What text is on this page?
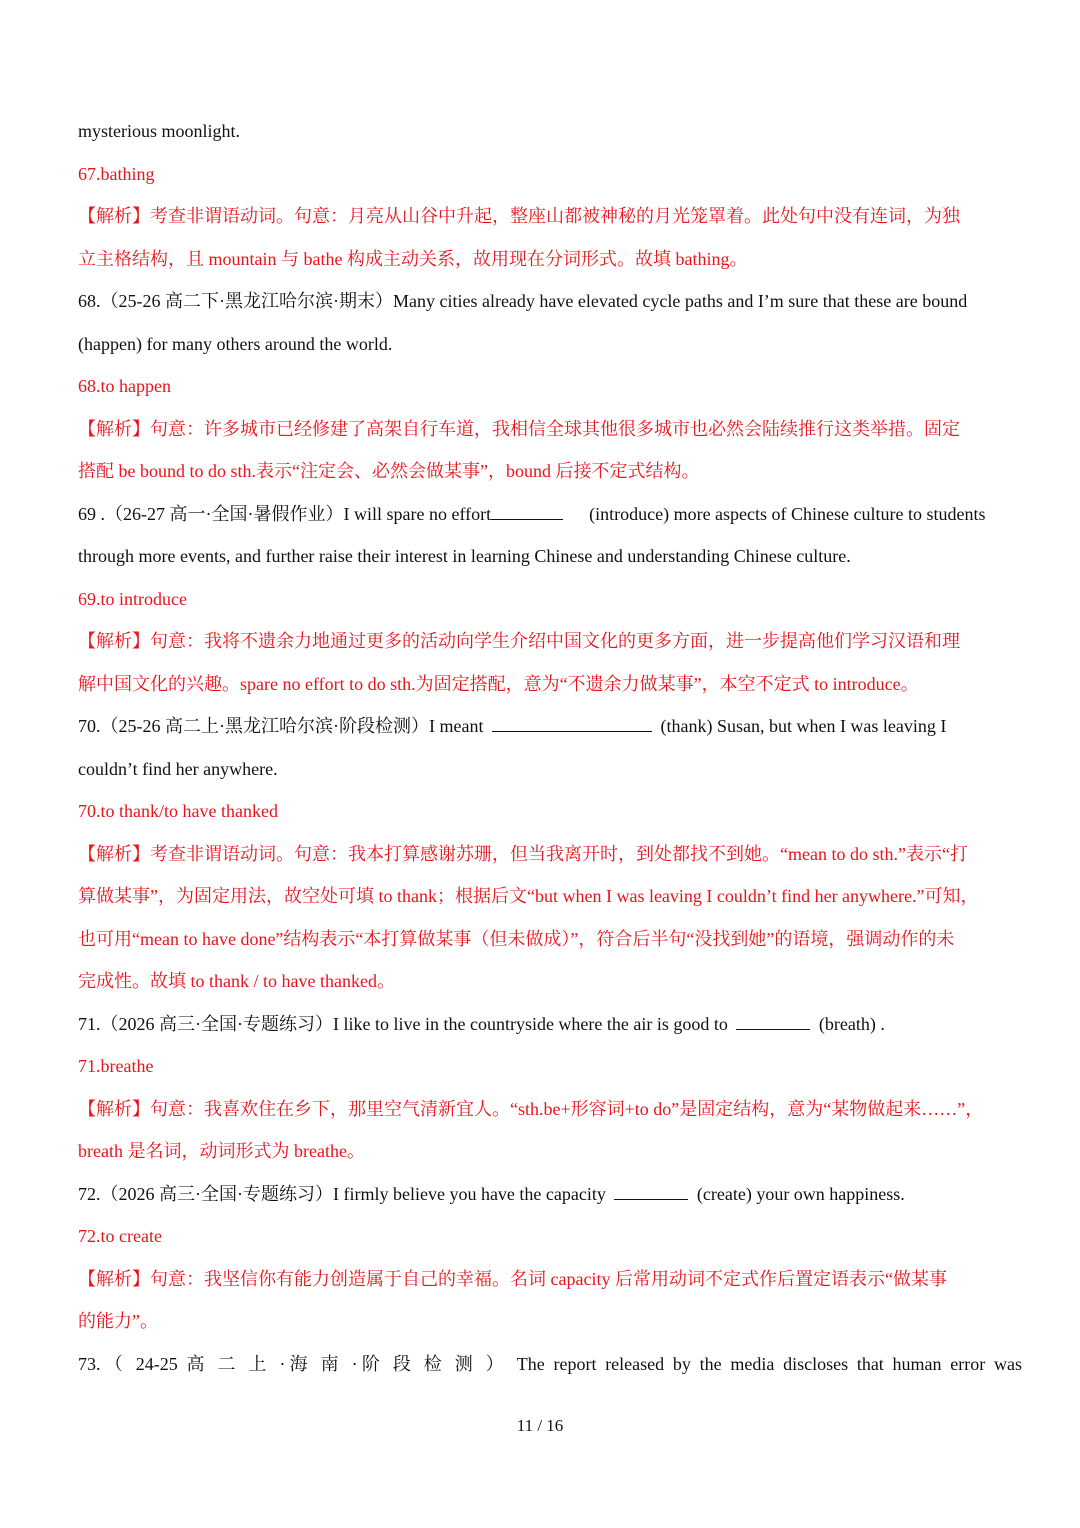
mysterious moonlight.
67.bathing
【解析】考查非谓语动词。句意：月亮从山谷中升起，整座山都被神秘的月光笼罩着。此处句中没有连词，为独
立主格结构，且 mountain 与 bathe 构成主动关系，故用现在分词形式。故填 bathing。
68.（25-26 高二下·黑龙江哈尔滨·期末）Many cities already have elevated cycle paths and I’m sure that these are bound
(happen) for many others around the world.
68.to happen
【解析】句意：许多城市已经修建了高架自行车道，我相信全球其他很多城市也必然会陆续推行这类举措。固定
搭配 be bound to do sth.表示“注定会、必然会做某事”，bound 后接不定式结构。
69 .（26-27 高一·全国·暑假作业）I will spare no effort	(introduce) more aspects of Chinese culture to students
through more events, and further raise their interest in learning Chinese and understanding Chinese culture.
69.to introduce
【解析】句意：我将不遗余力地通过更多的活动向学生介绍中国文化的更多方面，进一步提高他们学习汉语和理
解中国文化的兴趣。spare no effort to do sth.为固定搭配，意为“不遗余力做某事”，本空不定式 to introduce。
70.（25-26 高二上·黑龙江哈尔滨·阶段检测）I meant	(thank) Susan, but when I was leaving I
couldn’t find her anywhere.
70.to thank/to have thanked
【解析】考查非谓语动词。句意：我本打算感谢苏珊，但当我离开时，到处都找不到她。“mean to do sth.”表示“打
算做某事”，为固定用法，故空处可填 to thank；根据后文“but when I was leaving I couldn’t find her anywhere.”可知，
也可用“mean to have done”结构表示“本打算做某事（但未做成）”，符合后半句“没找到她”的语境，强调动作的未
完成性。故填 to thank / to have thanked。
71.（2026 高三·全国·专题练习）I like to live in the countryside where the air is good to	(breath) .
71.breathe
【解析】句意：我喜欢住在乡下，那里空气清新宜人。“sth.be+形容词+to do”是固定结构，意为“某物做起来……”，
breath 是名词，动词形式为 breathe。
72.（2026 高三·全国·专题练习）I firmly believe you have the capacity	(create) your own happiness.
72.to create
【解析】句意：我坚信你有能力创造属于自己的幸福。名词 capacity 后常用动词不定式作后置定语表示“做某事
的能力”。
73.（ 24-25 高 二 上 ·海 南 ·阶 段 检 测 ） The report released by the media discloses that human error was
11 / 16
